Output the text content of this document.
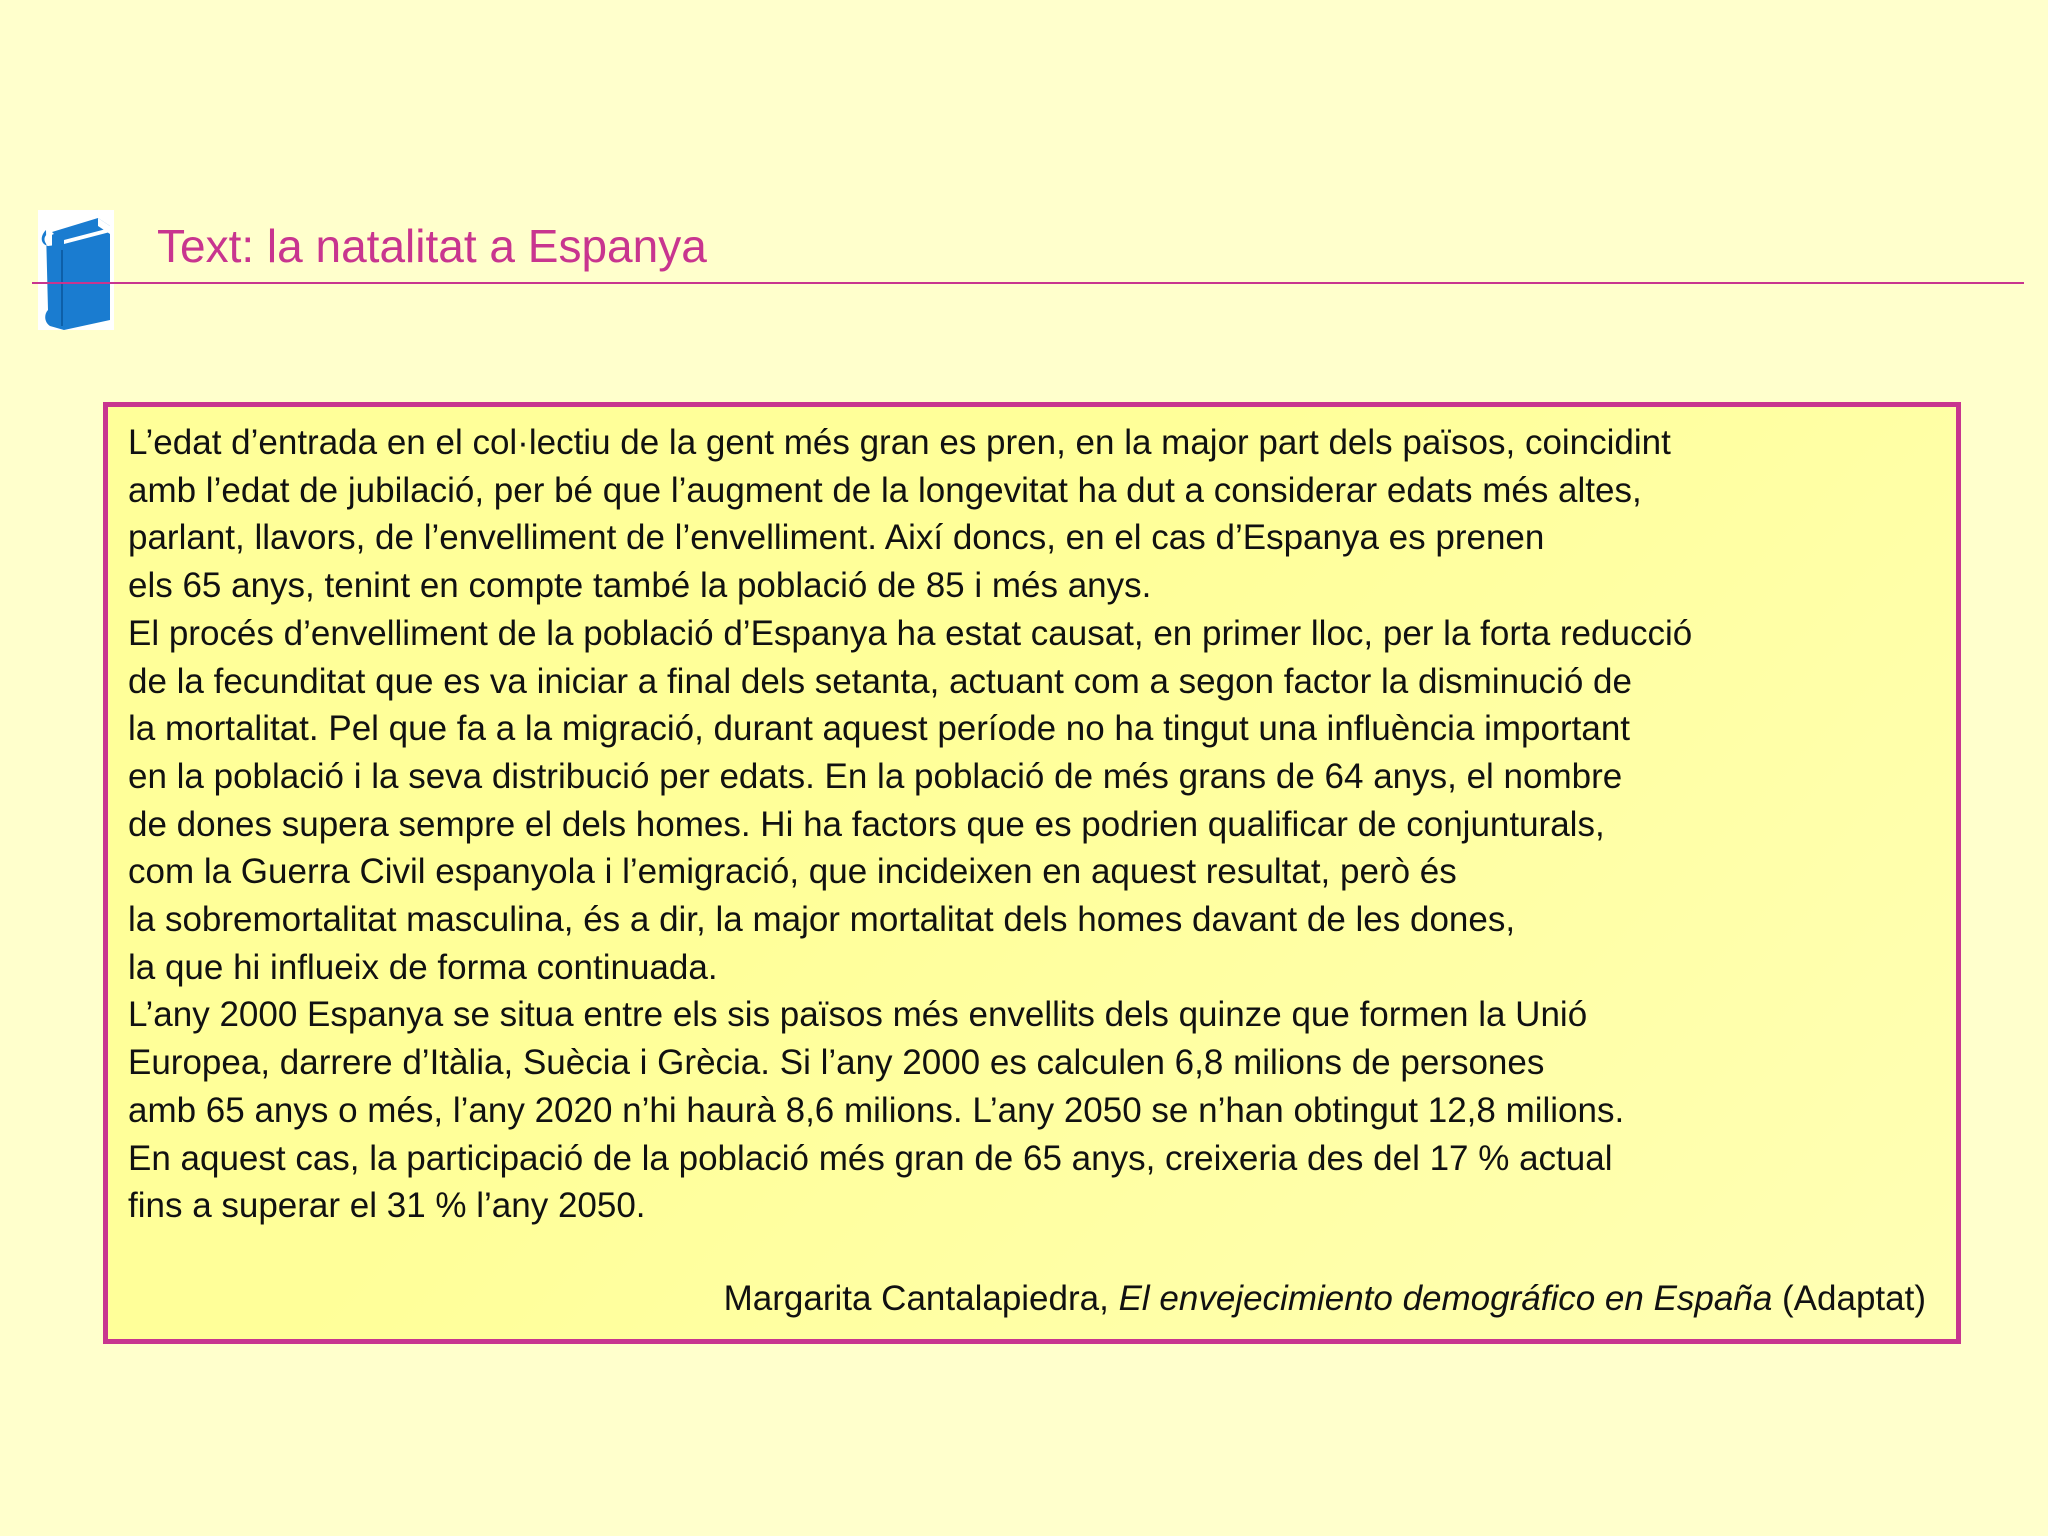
Text: la natalitat a Espanya
L’edat d’entrada en el col·lectiu de la gent més gran es pren, en la major part dels països, coincidint
amb l’edat de jubilació, per bé que l’augment de la longevitat ha dut a considerar edats més altes,
parlant, llavors, de l’envelliment de l’envelliment. Així doncs, en el cas d’Espanya es prenen
els 65 anys, tenint en compte també la població de 85 i més anys.
El procés d’envelliment de la població d’Espanya ha estat causat, en primer lloc, per la forta reducció
de la fecunditat que es va iniciar a final dels setanta, actuant com a segon factor la disminució de
la mortalitat. Pel que fa a la migració, durant aquest període no ha tingut una influència important
en la població i la seva distribució per edats. En la població de més grans de 64 anys, el nombre
de dones supera sempre el dels homes. Hi ha factors que es podrien qualificar de conjunturals,
com la Guerra Civil espanyola i l’emigració, que incideixen en aquest resultat, però és
la sobremortalitat masculina, és a dir, la major mortalitat dels homes davant de les dones,
la que hi influeix de forma continuada.
L’any 2000 Espanya se situa entre els sis països més envellits dels quinze que formen la Unió
Europea, darrere d’Itàlia, Suècia i Grècia. Si l’any 2000 es calculen 6,8 milions de persones
amb 65 anys o més, l’any 2020 n’hi haurà 8,6 milions. L’any 2050 se n’han obtingut 12,8 milions.
En aquest cas, la participació de la població més gran de 65 anys, creixeria des del 17 % actual
fins a superar el 31 % l’any 2050.
Margarita Cantalapiedra, El envejecimiento demográfico en España (Adaptat)
